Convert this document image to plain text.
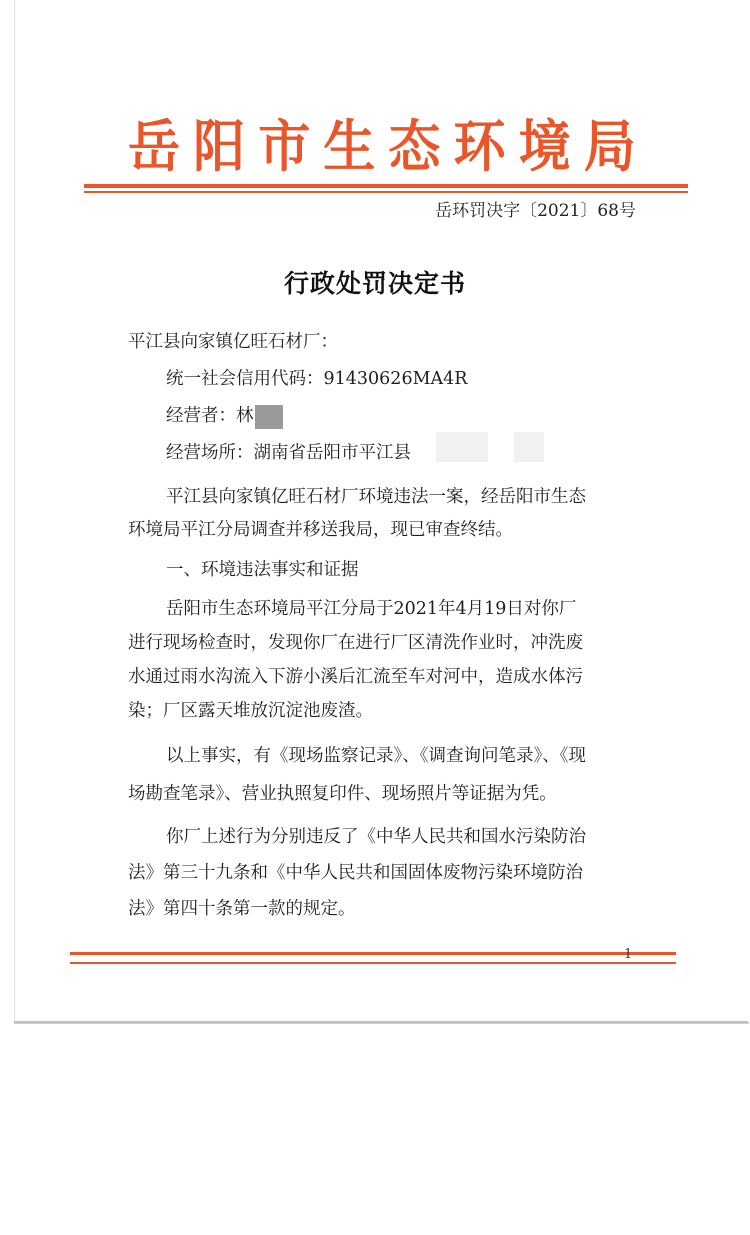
岳阳市生态环境局
岳环罚决字〔2021〕68号
行政处罚决定书
平江县向家镇亿旺石材厂：
统一社会信用代码：91430626MA4R
经营者：林
经营场所：湖南省岳阳市平江县
平江县向家镇亿旺石材厂环境违法一案，经岳阳市生态
环境局平江分局调查并移送我局，现已审查终结。
一、环境违法事实和证据
岳阳市生态环境局平江分局于2021年4月19日对你厂
进行现场检查时，发现你厂在进行厂区清洗作业时，冲洗废
水通过雨水沟流入下游小溪后汇流至车对河中，造成水体污
染；厂区露天堆放沉淀池废渣。
以上事实，有《现场监察记录》、《调查询问笔录》、《现
场勘查笔录》、营业执照复印件、现场照片等证据为凭。
你厂上述行为分别违反了《中华人民共和国水污染防治
法》第三十九条和《中华人民共和国固体废物污染环境防治
法》第四十条第一款的规定。
1
